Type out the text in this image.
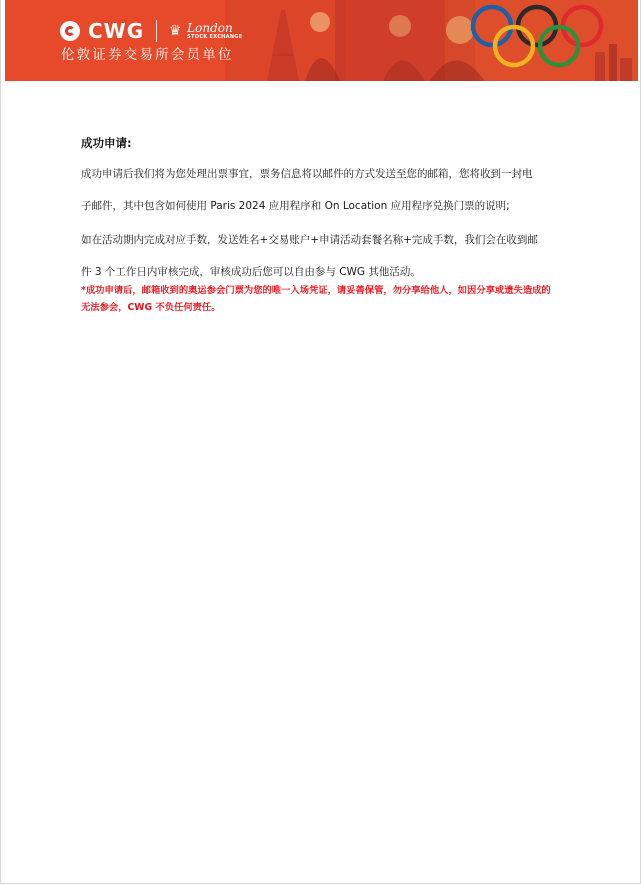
CWG ♛ London
STOCK EXCHANGE
伦敦证券交易所会员单位

成功申请:

成功申请后我们将为您处理出票事宜，票务信息将以邮件的方式发送至您的邮箱，您将收到一封电

子邮件，其中包含如何使用 Paris 2024 应用程序和 On Location 应用程序兑换门票的说明;

如在活动期内完成对应手数，发送姓名+交易账户+申请活动套餐名称+完成手数，我们会在收到邮

件 3 个工作日内审核完成，审核成功后您可以自由参与 CWG 其他活动。

*成功申请后，邮箱收到的奥运参会门票为您的唯一入场凭证，请妥善保管，勿分享给他人，如因分享或遗失造成的
无法参会，CWG 不负任何责任。
